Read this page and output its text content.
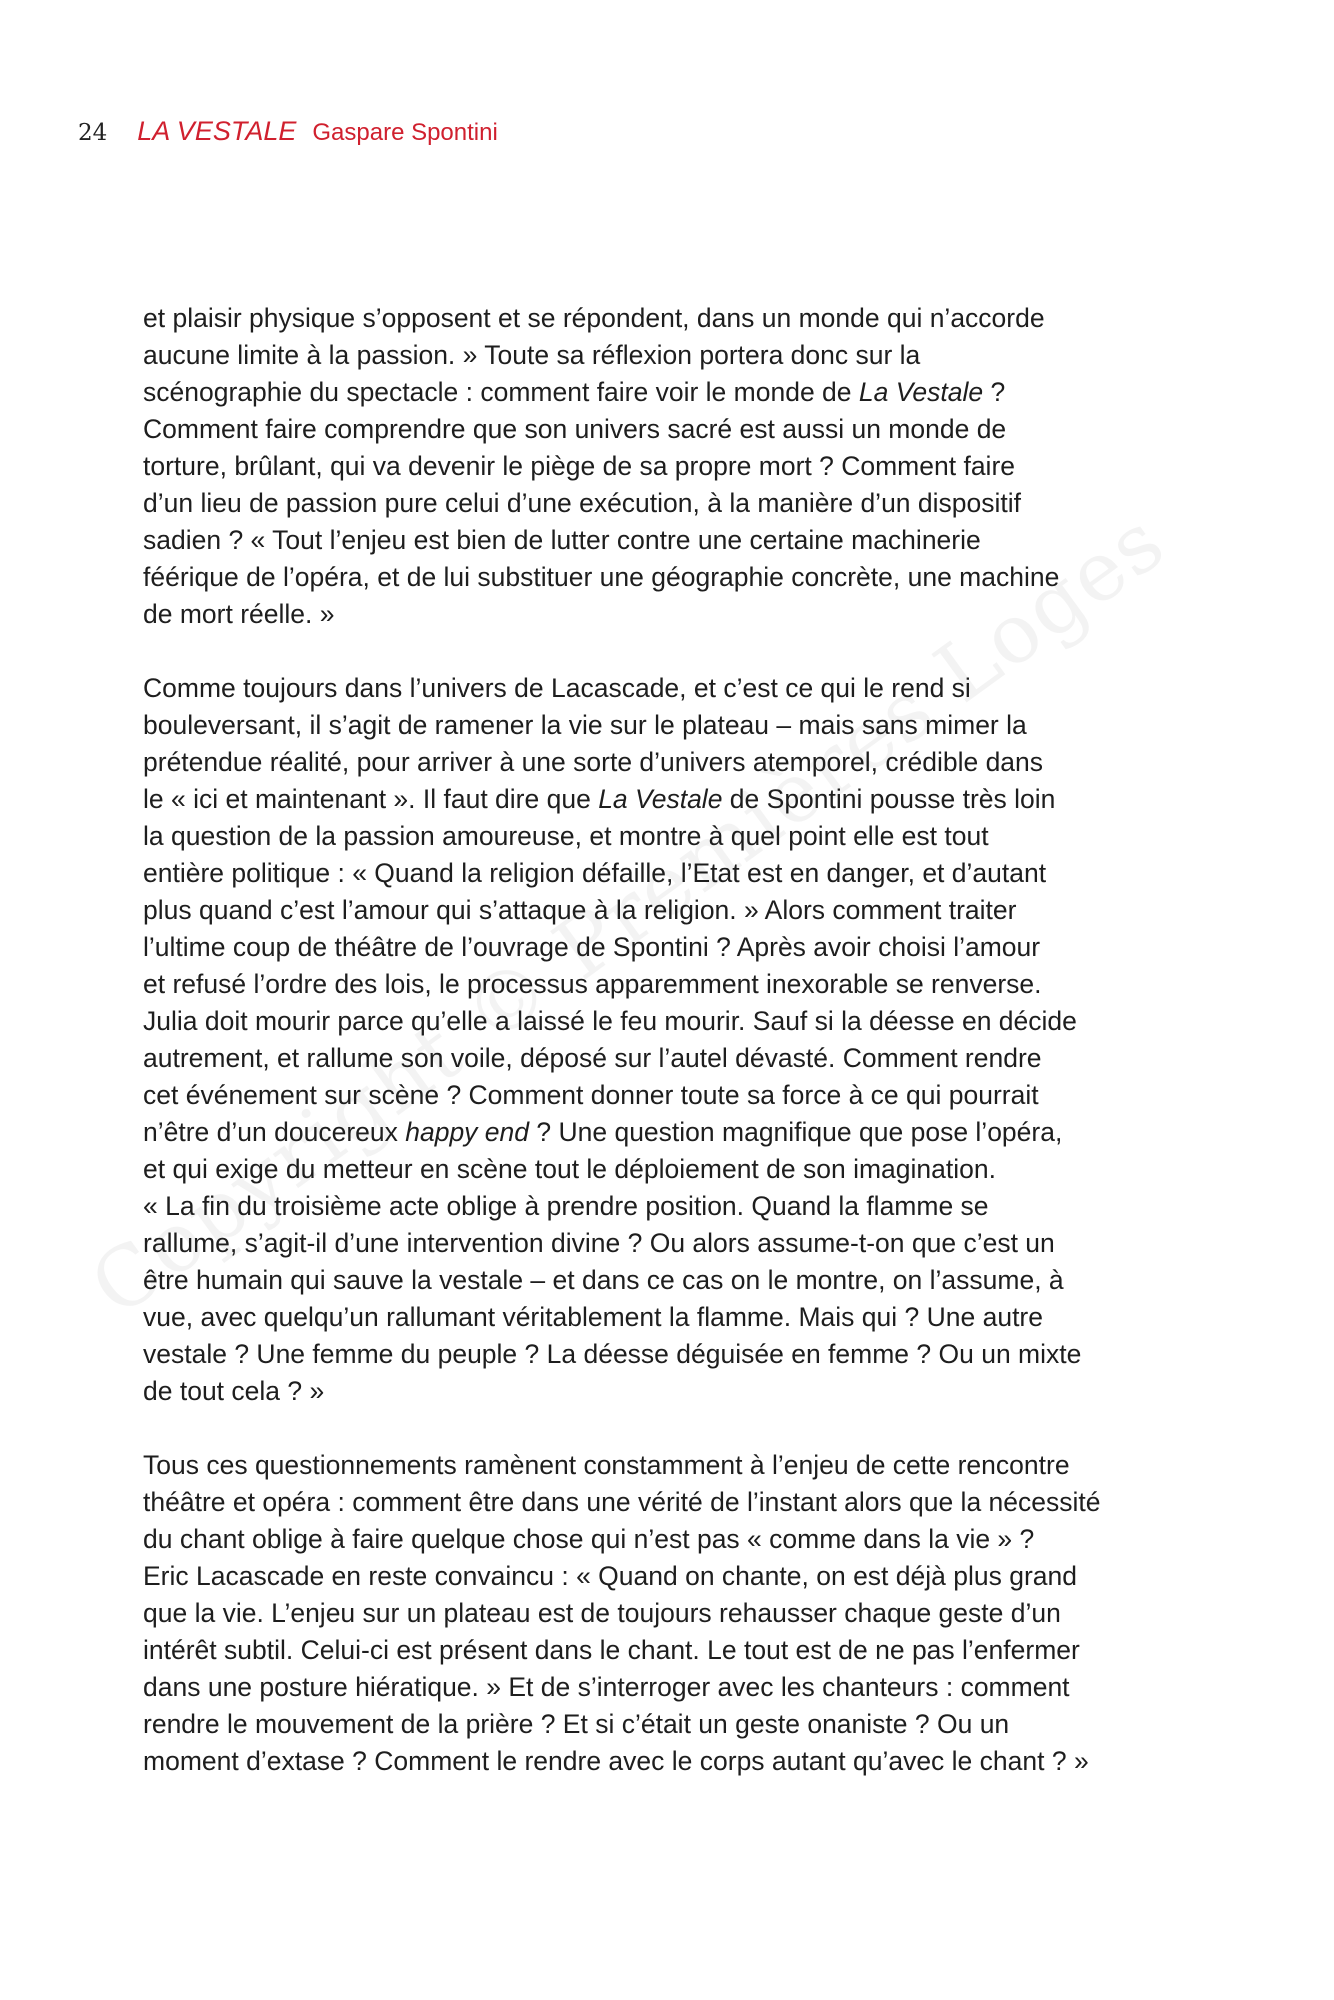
24 LA VESTALE Gaspare Spontini
et plaisir physique s’opposent et se répondent, dans un monde qui n’accorde
aucune limite à la passion. » Toute sa réflexion portera donc sur la
scénographie du spectacle : comment faire voir le monde de La Vestale ?
Comment faire comprendre que son univers sacré est aussi un monde de
torture, brûlant, qui va devenir le piège de sa propre mort ? Comment faire
d’un lieu de passion pure celui d’une exécution, à la manière d’un dispositif
sadien ? « Tout l’enjeu est bien de lutter contre une certaine machinerie
féérique de l’opéra, et de lui substituer une géographie concrète, une machine
de mort réelle. »
Comme toujours dans l’univers de Lacascade, et c’est ce qui le rend si
bouleversant, il s’agit de ramener la vie sur le plateau – mais sans mimer la
prétendue réalité, pour arriver à une sorte d’univers atemporel, crédible dans
le « ici et maintenant ». Il faut dire que La Vestale de Spontini pousse très loin
la question de la passion amoureuse, et montre à quel point elle est tout
entière politique : « Quand la religion défaille, l’Etat est en danger, et d’autant
plus quand c’est l’amour qui s’attaque à la religion. » Alors comment traiter
l’ultime coup de théâtre de l’ouvrage de Spontini ? Après avoir choisi l’amour
et refusé l’ordre des lois, le processus apparemment inexorable se renverse.
Julia doit mourir parce qu’elle a laissé le feu mourir. Sauf si la déesse en décide
autrement, et rallume son voile, déposé sur l’autel dévasté. Comment rendre
cet événement sur scène ? Comment donner toute sa force à ce qui pourrait
n’être d’un doucereux happy end ? Une question magnifique que pose l’opéra,
et qui exige du metteur en scène tout le déploiement de son imagination.
« La fin du troisième acte oblige à prendre position. Quand la flamme se
rallume, s’agit-il d’une intervention divine ? Ou alors assume-t-on que c’est un
être humain qui sauve la vestale – et dans ce cas on le montre, on l’assume, à
vue, avec quelqu’un rallumant véritablement la flamme. Mais qui ? Une autre
vestale ? Une femme du peuple ? La déesse déguisée en femme ? Ou un mixte
de tout cela ? »
Tous ces questionnements ramènent constamment à l’enjeu de cette rencontre
théâtre et opéra : comment être dans une vérité de l’instant alors que la nécessité
du chant oblige à faire quelque chose qui n’est pas « comme dans la vie » ?
Eric Lacascade en reste convaincu : « Quand on chante, on est déjà plus grand
que la vie. L’enjeu sur un plateau est de toujours rehausser chaque geste d’un
intérêt subtil. Celui-ci est présent dans le chant. Le tout est de ne pas l’enfermer
dans une posture hiératique. » Et de s’interroger avec les chanteurs : comment
rendre le mouvement de la prière ? Et si c’était un geste onaniste ? Ou un
moment d’extase ? Comment le rendre avec le corps autant qu’avec le chant ? »
